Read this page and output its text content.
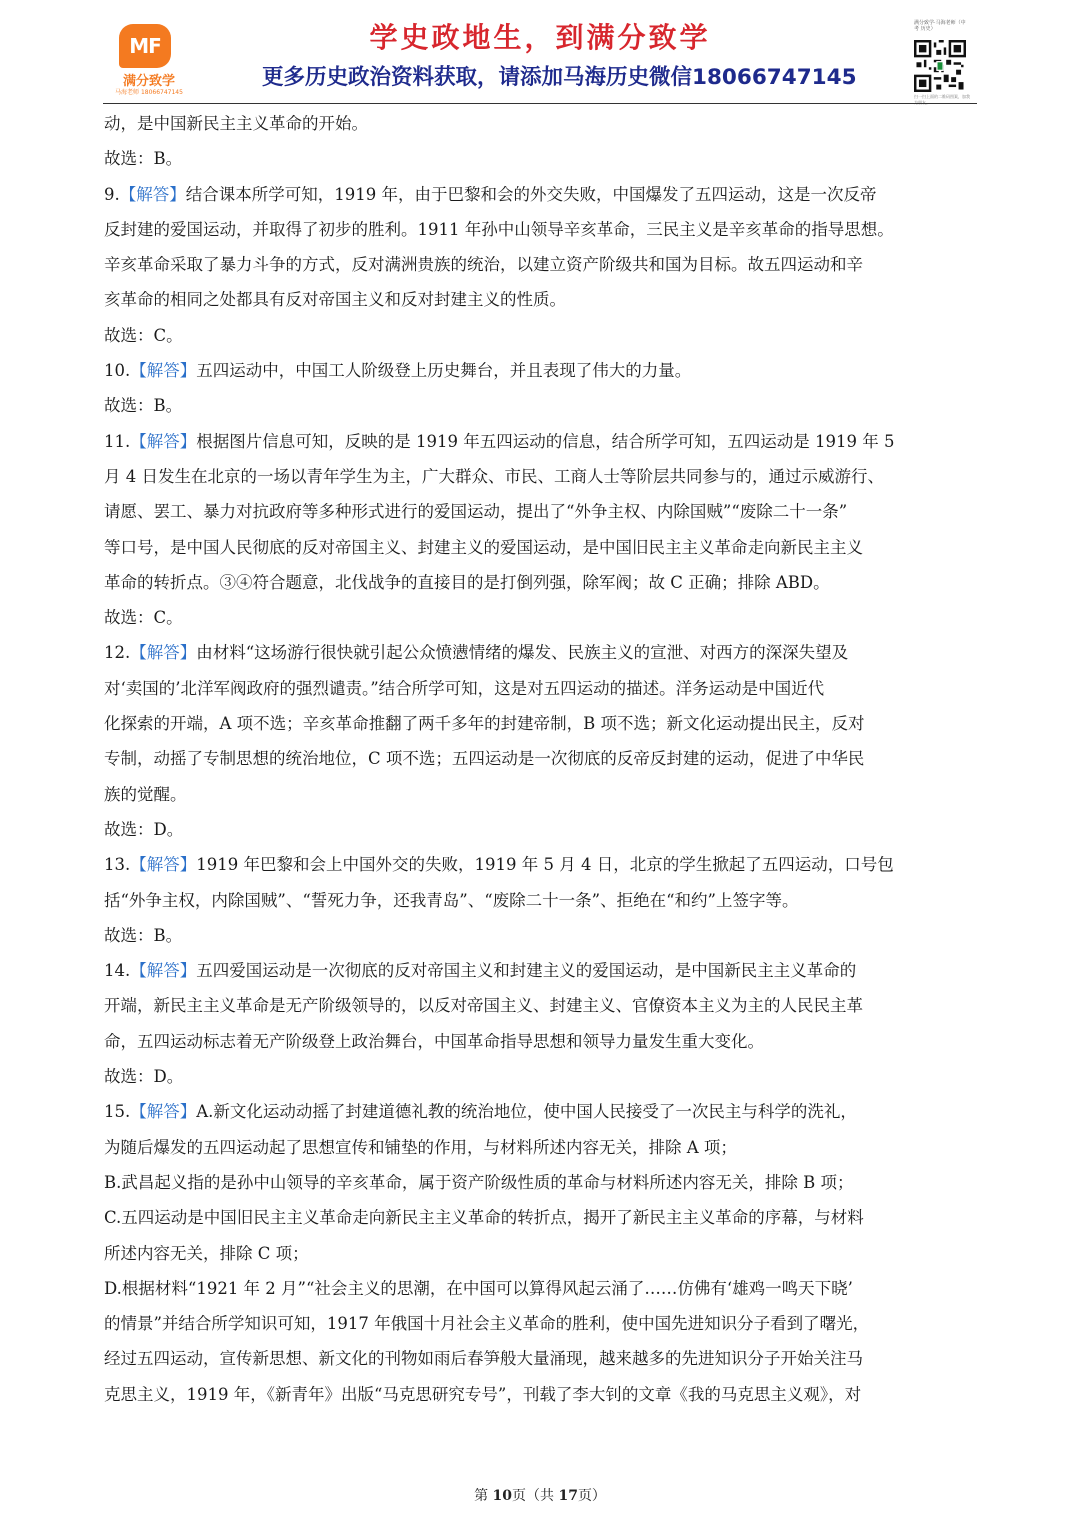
MF
满分致学
马海老师 18066747145
学史政地生，到满分致学
更多历史政治资料获取，请添加马海历史微信18066747145
满分致学·马海老师（中考 历史）
扫一扫上面的二维码图案，加我
动，是中国新民主主义革命的开始。
故选：B。
9.【解答】结合课本所学可知，1919 年，由于巴黎和会的外交失败，中国爆发了五四运动，这是一次反帝
反封建的爱国运动，并取得了初步的胜利。1911 年孙中山领导辛亥革命，三民主义是辛亥革命的指导思想。
辛亥革命采取了暴力斗争的方式，反对满洲贵族的统治，以建立资产阶级共和国为目标。故五四运动和辛
亥革命的相同之处都具有反对帝国主义和反对封建主义的性质。
故选：C。
10.【解答】五四运动中，中国工人阶级登上历史舞台，并且表现了伟大的力量。
故选：B。
11.【解答】根据图片信息可知，反映的是 1919 年五四运动的信息，结合所学可知，五四运动是 1919 年 5
月 4 日发生在北京的一场以青年学生为主，广大群众、市民、工商人士等阶层共同参与的，通过示威游行、
请愿、罢工、暴力对抗政府等多种形式进行的爱国运动，提出了“外争主权、内除国贼”“废除二十一条”
等口号，是中国人民彻底的反对帝国主义、封建主义的爱国运动，是中国旧民主主义革命走向新民主主义
革命的转折点。③④符合题意，北伐战争的直接目的是打倒列强，除军阀；故 C 正确；排除 ABD。
故选：C。
12.【解答】由材料“这场游行很快就引起公众愤懑情绪的爆发、民族主义的宣泄、对西方的深深失望及
对‘卖国的’北洋军阀政府的强烈谴责。”结合所学可知，这是对五四运动的描述。洋务运动是中国近代
化探索的开端，A 项不选；辛亥革命推翻了两千多年的封建帝制，B 项不选；新文化运动提出民主，反对
专制，动摇了专制思想的统治地位，C 项不选；五四运动是一次彻底的反帝反封建的运动，促进了中华民
族的觉醒。
故选：D。
13.【解答】1919 年巴黎和会上中国外交的失败，1919 年 5 月 4 日，北京的学生掀起了五四运动，口号包
括“外争主权，内除国贼”、“誓死力争，还我青岛”、“废除二十一条”、拒绝在“和约”上签字等。
故选：B。
14.【解答】五四爱国运动是一次彻底的反对帝国主义和封建主义的爱国运动，是中国新民主主义革命的
开端，新民主主义革命是无产阶级领导的，以反对帝国主义、封建主义、官僚资本主义为主的人民民主革
命，五四运动标志着无产阶级登上政治舞台，中国革命指导思想和领导力量发生重大变化。
故选：D。
15.【解答】A.新文化运动动摇了封建道德礼教的统治地位，使中国人民接受了一次民主与科学的洗礼，
为随后爆发的五四运动起了思想宣传和铺垫的作用，与材料所述内容无关，排除 A 项；
B.武昌起义指的是孙中山领导的辛亥革命，属于资产阶级性质的革命与材料所述内容无关，排除 B 项；
C.五四运动是中国旧民主主义革命走向新民主主义革命的转折点，揭开了新民主主义革命的序幕，与材料
所述内容无关，排除 C 项；
D.根据材料“1921 年 2 月”“社会主义的思潮，在中国可以算得风起云涌了……仿佛有‘雄鸡一鸣天下晓’
的情景”并结合所学知识可知，1917 年俄国十月社会主义革命的胜利，使中国先进知识分子看到了曙光，
经过五四运动，宣传新思想、新文化的刊物如雨后春笋般大量涌现，越来越多的先进知识分子开始关注马
克思主义，1919 年，《新青年》出版“马克思研究专号”，刊载了李大钊的文章《我的马克思主义观》，对
第 10页（共 17页）
